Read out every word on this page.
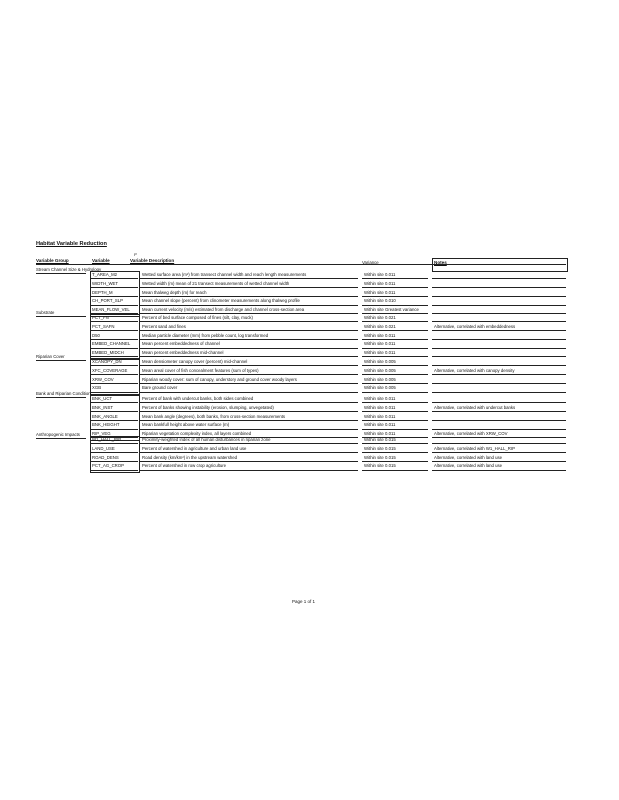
Habitat Variable Reduction
Variable Group	Variable	Variable Description
r²
Variance	Notes
Stream Channel Size & Hydrology
T_AREA_M2	Wetted surface area (m²) from transect channel width and reach length measurements	Within site 0.011
WIDTH_WET	Wetted width (m) mean of 21 transect measurements of wetted channel width	Within site 0.011
DEPTH_M	Mean thalweg depth (m) for reach	Within site 0.011
CH_PORT_SLP	Mean channel slope (percent) from clinometer measurements along thalweg profile	Within site 0.010
MEAN_FLOW_VEL	Mean current velocity (m/s) estimated from discharge and channel cross-section area	Within site Greatest variance
Substrate
PCT_FN	Percent of bed surface composed of fines (silt, clay, muck)	Within site 0.021
PCT_SAFN	Percent sand and fines	Within site 0.021	Alternative, correlated with embeddedness
D50	Median particle diameter (mm) from pebble count, log transformed	Within site 0.011
EMBED_CHANNEL	Mean percent embeddedness of channel	Within site 0.011
EMBED_MIDCH	Mean percent embeddedness mid-channel	Within site 0.011
Riparian Cover
XCANOPY_DN	Mean densiometer canopy cover (percent) mid-channel	Within site 0.005
XFC_COVERAGE	Mean areal cover of fish concealment features (sum of types)	Within site 0.005	Alternative, correlated with canopy density
XRW_COV	Riparian woody cover: sum of canopy, understory and ground cover woody layers	Within site 0.005
XGB	Bare ground cover	Within site 0.005
Bank and Riparian Condition
BNK_UCT	Percent of bank with undercut banks, both sides combined	Within site 0.011
BNK_INST	Percent of banks showing instability (erosion, slumping, unvegetated)	Within site 0.011	Alternative, correlated with undercut banks
BNK_ANGLE	Mean bank angle (degrees), both banks, from cross-section measurements	Within site 0.011
BNK_HEIGHT	Mean bankfull height above water surface (m)	Within site 0.011
RIP_VEG	Riparian vegetation complexity index, all layers combined	Within site 0.011	Alternative, correlated with XRW_COV
Anthropogenic Impacts
W1_HALL_RIP	Proximity-weighted index of all human disturbances in riparian zone	Within site 0.015
LAND_USE	Percent of watershed in agriculture and urban land use	Within site 0.015	Alternative, correlated with W1_HALL_RIP
ROAD_DENS	Road density (km/km²) in the upstream watershed	Within site 0.015	Alternative, correlated with land use
PCT_AG_CROP	Percent of watershed in row crop agriculture	Within site 0.015	Alternative, correlated with land use
Page 1 of 1
